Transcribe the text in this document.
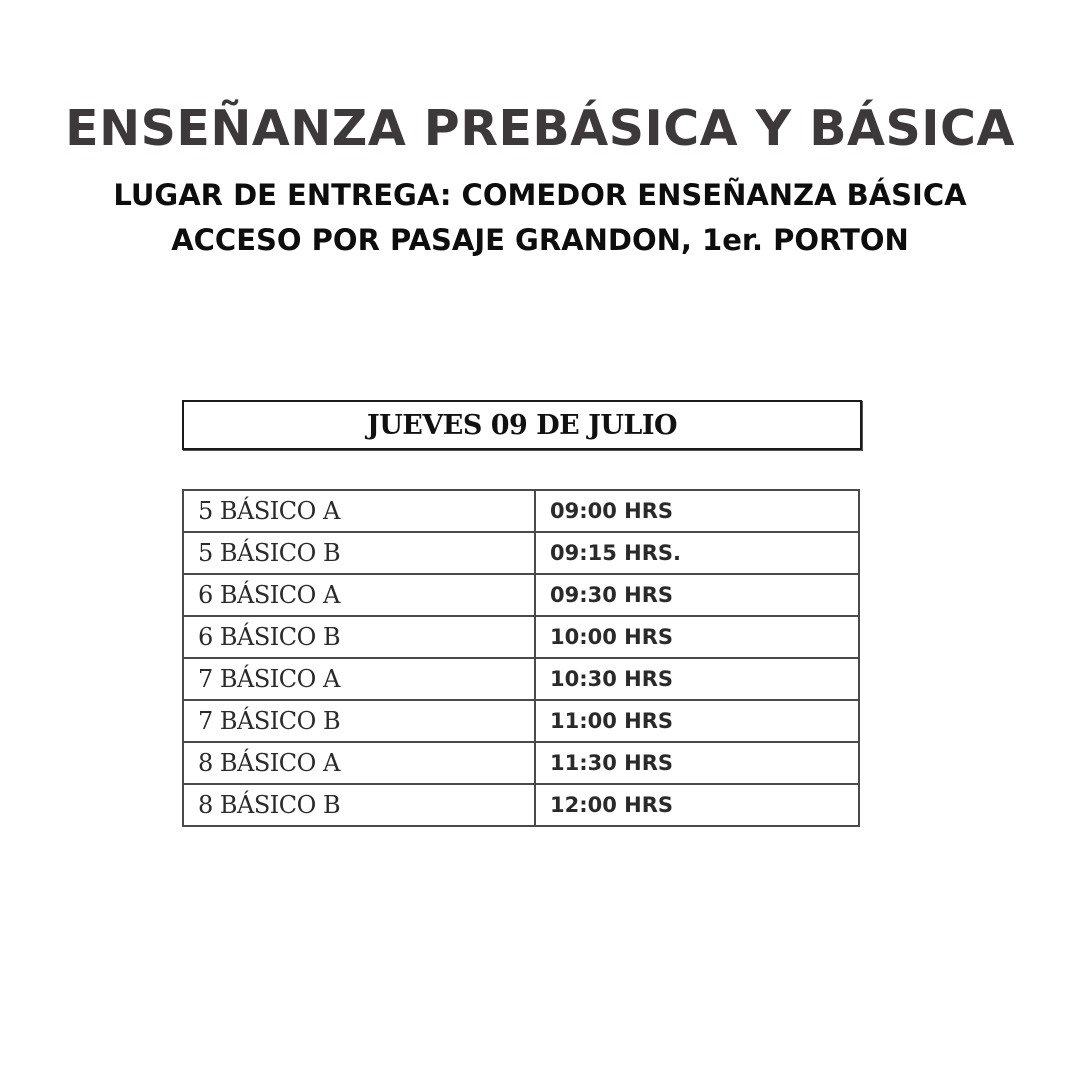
ENSEÑANZA PREBÁSICA Y BÁSICA

LUGAR DE ENTREGA: COMEDOR ENSEÑANZA BÁSICA

ACCESO POR PASAJE GRANDON, 1er. PORTON

JUEVES 09 DE JULIO
5 BÁSICO A	09:00 HRS
5 BÁSICO B	09:15 HRS.
6 BÁSICO A	09:30 HRS
6 BÁSICO B	10:00 HRS
7 BÁSICO A	10:30 HRS
7 BÁSICO B	11:00 HRS
8 BÁSICO A	11:30 HRS
8 BÁSICO B	12:00 HRS
